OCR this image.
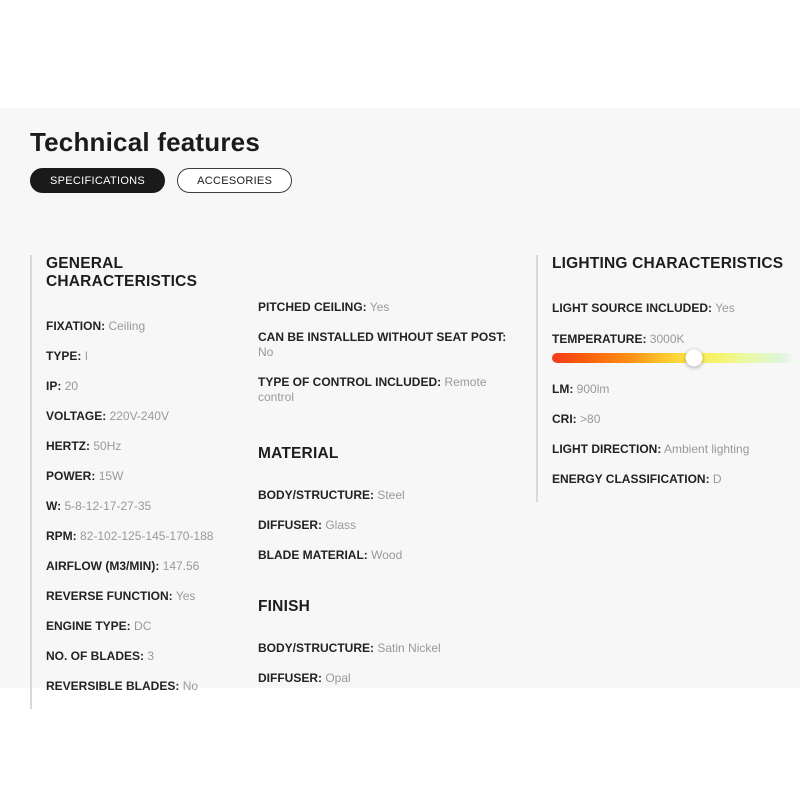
Technical features
SPECIFICATIONS	ACCESORIES
GENERAL CHARACTERISTICS

FIXATION: Ceiling

TYPE: I

IP: 20

VOLTAGE: 220V-240V

HERTZ: 50Hz

POWER: 15W

W: 5-8-12-17-27-35

RPM: 82-102-125-145-170-188

AIRFLOW (M3/MIN): 147.56

REVERSE FUNCTION: Yes

ENGINE TYPE: DC

NO. OF BLADES: 3

REVERSIBLE BLADES: No

PITCHED CEILING: Yes

CAN BE INSTALLED WITHOUT SEAT POST: No

TYPE OF CONTROL INCLUDED: Remote control

MATERIAL

BODY/STRUCTURE: Steel

DIFFUSER: Glass

BLADE MATERIAL: Wood

FINISH

BODY/STRUCTURE: Satin Nickel

DIFFUSER: Opal

LIGHTING CHARACTERISTICS

LIGHT SOURCE INCLUDED: Yes

TEMPERATURE: 3000K

LM: 900lm

CRI: >80

LIGHT DIRECTION: Ambient lighting

ENERGY CLASSIFICATION: D
